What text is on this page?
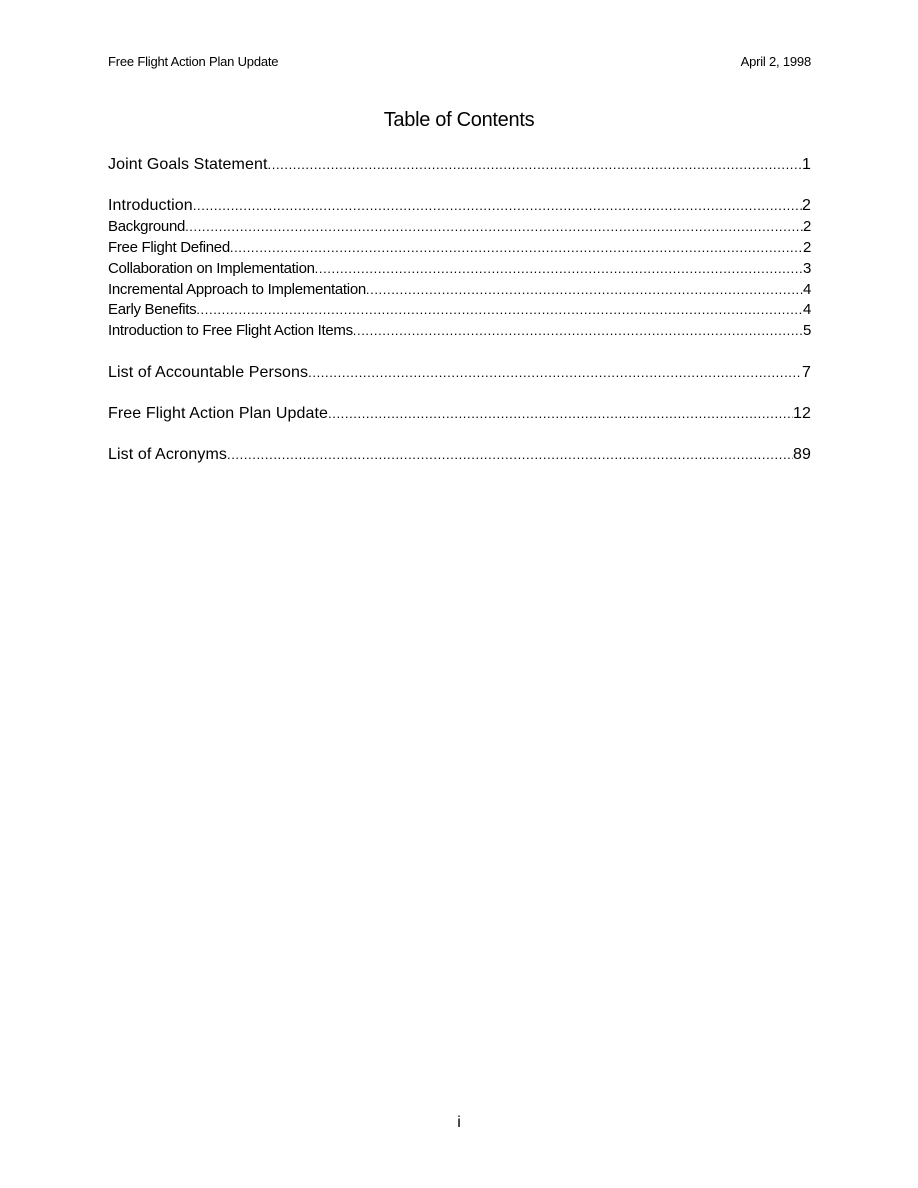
Free Flight Action Plan Update	April 2, 1998
Table of Contents
Joint Goals Statement .....	1
Introduction .....	2
Background .....	2
Free Flight Defined .....	2
Collaboration on Implementation .....	3
Incremental Approach to Implementation .....	4
Early Benefits .....	4
Introduction to Free Flight Action Items .....	5
List of Accountable Persons .....	7
Free Flight Action Plan Update .....	12
List of Acronyms .....	89
i
